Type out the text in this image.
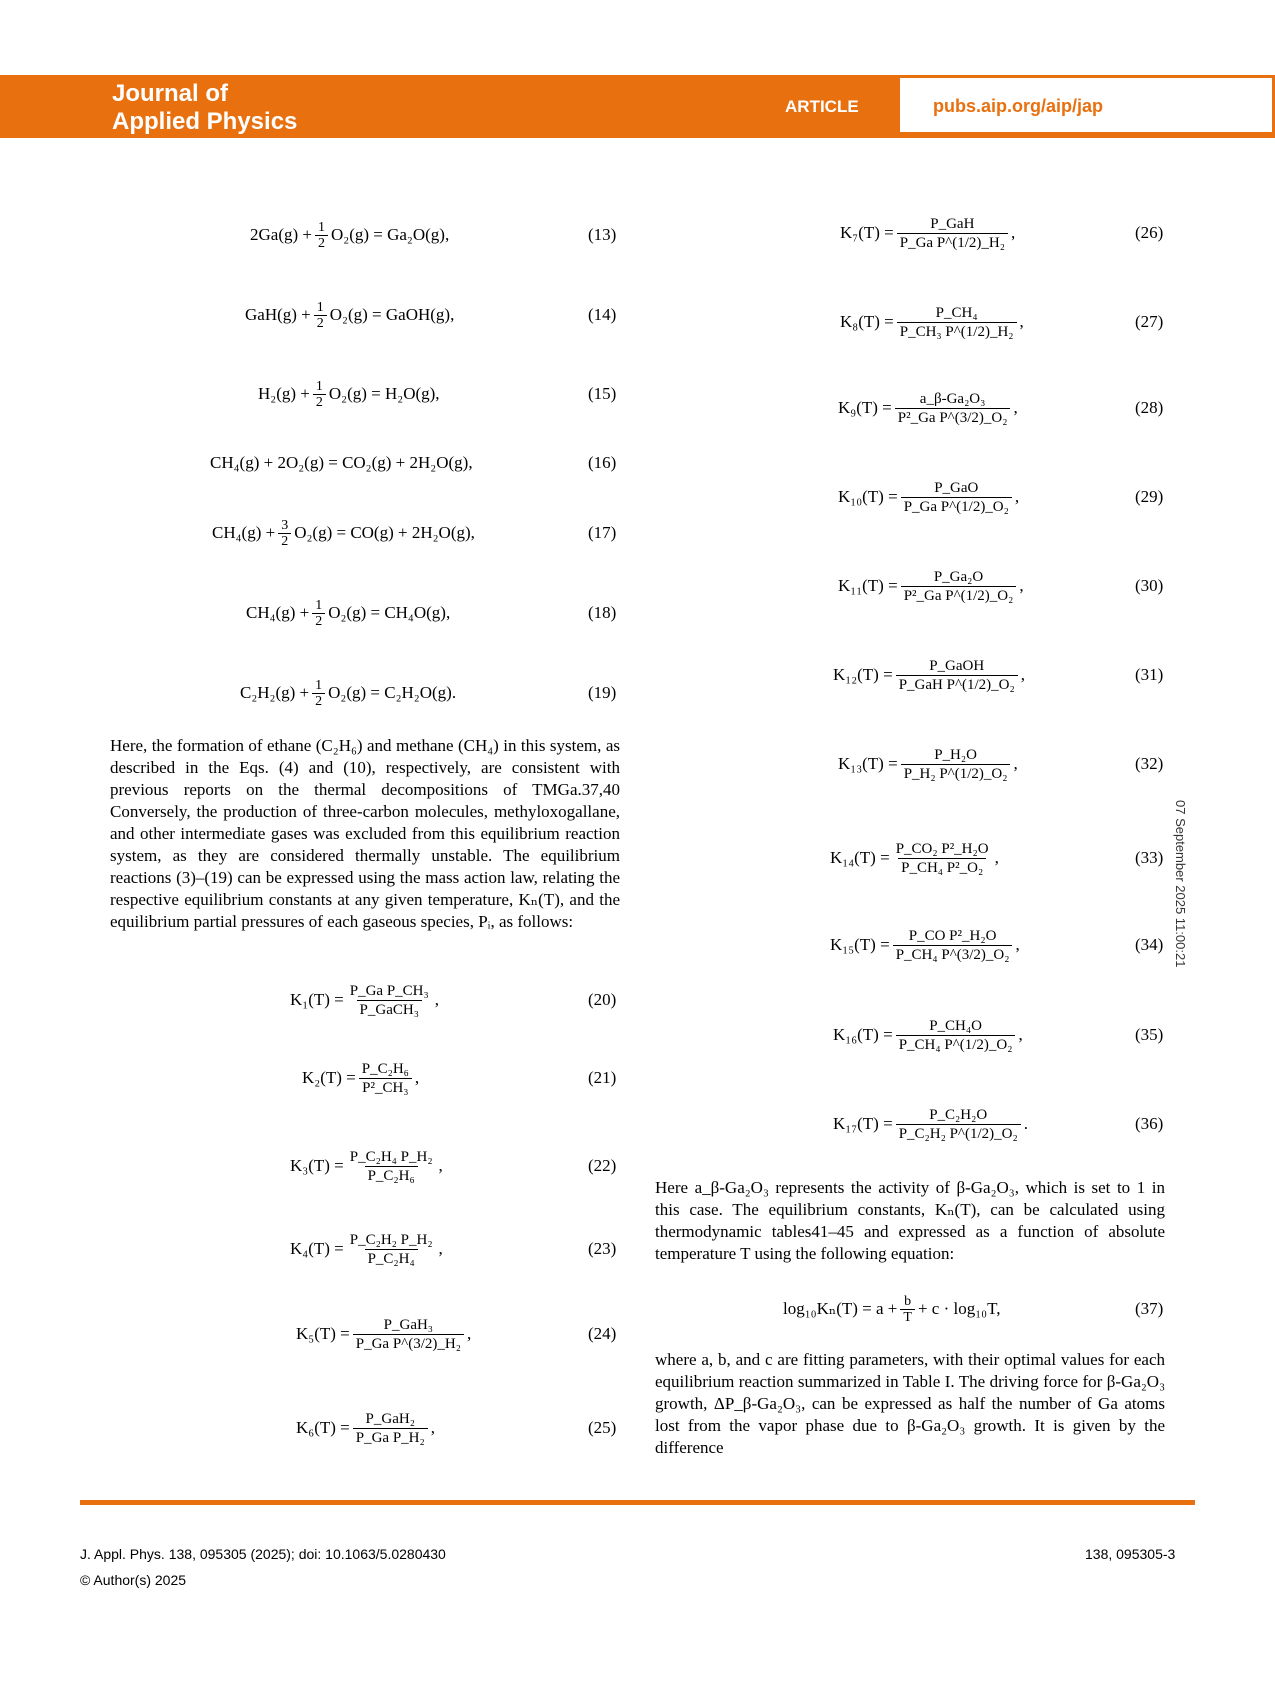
Journal of
Applied Physics
ARTICLE	pubs.aip.org/aip/jap
$2Ga(g) + \frac{1}{2} O_2(g) = Ga_2O(g)$,	(13)
$GaH(g) + \frac{1}{2} O_2(g)$ = GaOH(g),	(14)
$H_2(g) + \frac{1}{2} O_2(g) = H_2O(g)$,	(15)
CH₄(g) + 2O₂(g) = CO₂(g) + 2H₂O(g),	(16)
$CH_4(g) + \frac{3}{2} O_2(g) = CO(g) + 2H_2O(g)$,	(17)
$CH_4(g) + \frac{1}{2} O_2(g) = CH_4O(g)$,	(18)
$C_2H_2(g) + \frac{1}{2} O_2(g) = C_2H_2O(g)$.	(19)
Here, the formation of ethane (C₂H₆) and methane (CH₄) in this system, as described in the Eqs. (4) and (10), respectively, are consistent with previous reports on the thermal decompositions of TMGa.37,40 Conversely, the production of three-carbon molecules, methyloxogallane, and other intermediate gases was excluded from this equilibrium reaction system, as they are considered thermally unstable. The equilibrium reactions (3)–(19) can be expressed using the mass action law, relating the respective equilibrium constants at any given temperature, Kₙ(T), and the equilibrium partial pressures of each gaseous species, Pᵢ, as follows:
$K_1(T) = \frac{\text{P\_Ga P\_CH₃}}{\text{P\_GaCH₃}}$ ,	(20)
$K_2(T) = \frac{\text{P\_C₂H₆}}{\text{P²\_CH₃}}$ ,	(21)
$K_3(T) = \frac{\text{P\_C₂H₄ P\_H₂}}{\text{P\_C₂H₆}}$ ,	(22)
$K_4(T) = \frac{\text{P\_C₂H₂ P\_H₂}}{\text{P\_C₂H₄}}$ ,	(23)
$K_5(T) = \frac{\text{P\_GaH₃}}{\text{P\_Ga P\textasciicircum{}(3/2)\_H₂}}$ ,	(24)
$K_6(T) = \frac{\text{P\_GaH₂}}{\text{P\_Ga P\_H₂}}$ ,	(25)
$K_7(T) = \frac{\text{P\_GaH}}{\text{P\_Ga P\textasciicircum{}(1/2)\_H₂}}$ ,	(26)
$K_8(T) = \frac{\text{P\_CH₄}}{\text{P\_CH₃ P\textasciicircum{}(1/2)\_H₂}}$ ,	(27)
$K_9(T) = \frac{\text{a\_β-Ga₂O₃}}{\text{P²\_Ga P\textasciicircum{}(3/2)\_O₂}}$ ,	(28)
$K_{10}(T) = \frac{\text{P\_GaO}}{\text{P\_Ga P\textasciicircum{}(1/2)\_O₂}}$ ,	(29)
$K_{11}(T) = \frac{\text{P\_Ga₂O}}{\text{P²\_Ga P\textasciicircum{}(1/2)\_O₂}}$ ,	(30)
$K_{12}(T) = \frac{\text{P\_GaOH}}{\text{P\_GaH P\textasciicircum{}(1/2)\_O₂}}$ ,	(31)
$K_{13}(T) = \frac{\text{P\_H₂O}}{\text{P\_H₂ P\textasciicircum{}(1/2)\_O₂}}$ ,	(32)
$K_{14}(T) = \frac{\text{P\_CO₂ P²\_H₂O}}{\text{P\_CH₄ P²\_O₂}}$ ,	(33)
$K_{15}(T) = \frac{\text{P\_CO P²\_H₂O}}{\text{P\_CH₄ P\textasciicircum{}(3/2)\_O₂}}$ ,	(34)
$K_{16}(T) = \frac{\text{P\_CH₄O}}{\text{P\_CH₄ P\textasciicircum{}(1/2)\_O₂}}$ ,	(35)
$K_{17}(T) = \frac{\text{P\_C₂H₂O}}{\text{P\_C₂H₂ P\textasciicircum{}(1/2)\_O₂}}$ .	(36)
Here a_β-Ga₂O₃ represents the activity of β-Ga₂O₃, which is set to 1 in this case. The equilibrium constants, Kₙ(T), can be calculated using thermodynamic tables41–45 and expressed as a function of absolute temperature T using the following equation:
$\log_{10}K_n(T) = a + \frac{b}{T} + c \cdot \log_{10}T$,	(37)
where a, b, and c are fitting parameters, with their optimal values for each equilibrium reaction summarized in Table I. The driving force for β-Ga₂O₃ growth, ΔP_β-Ga₂O₃, can be expressed as half the number of Ga atoms lost from the vapor phase due to β-Ga₂O₃ growth. It is given by the difference
07 September 2025 11:00:21
J. Appl. Phys. 138, 095305 (2025); doi: 10.1063/5.0280430
© Author(s) 2025
138, 095305-3
